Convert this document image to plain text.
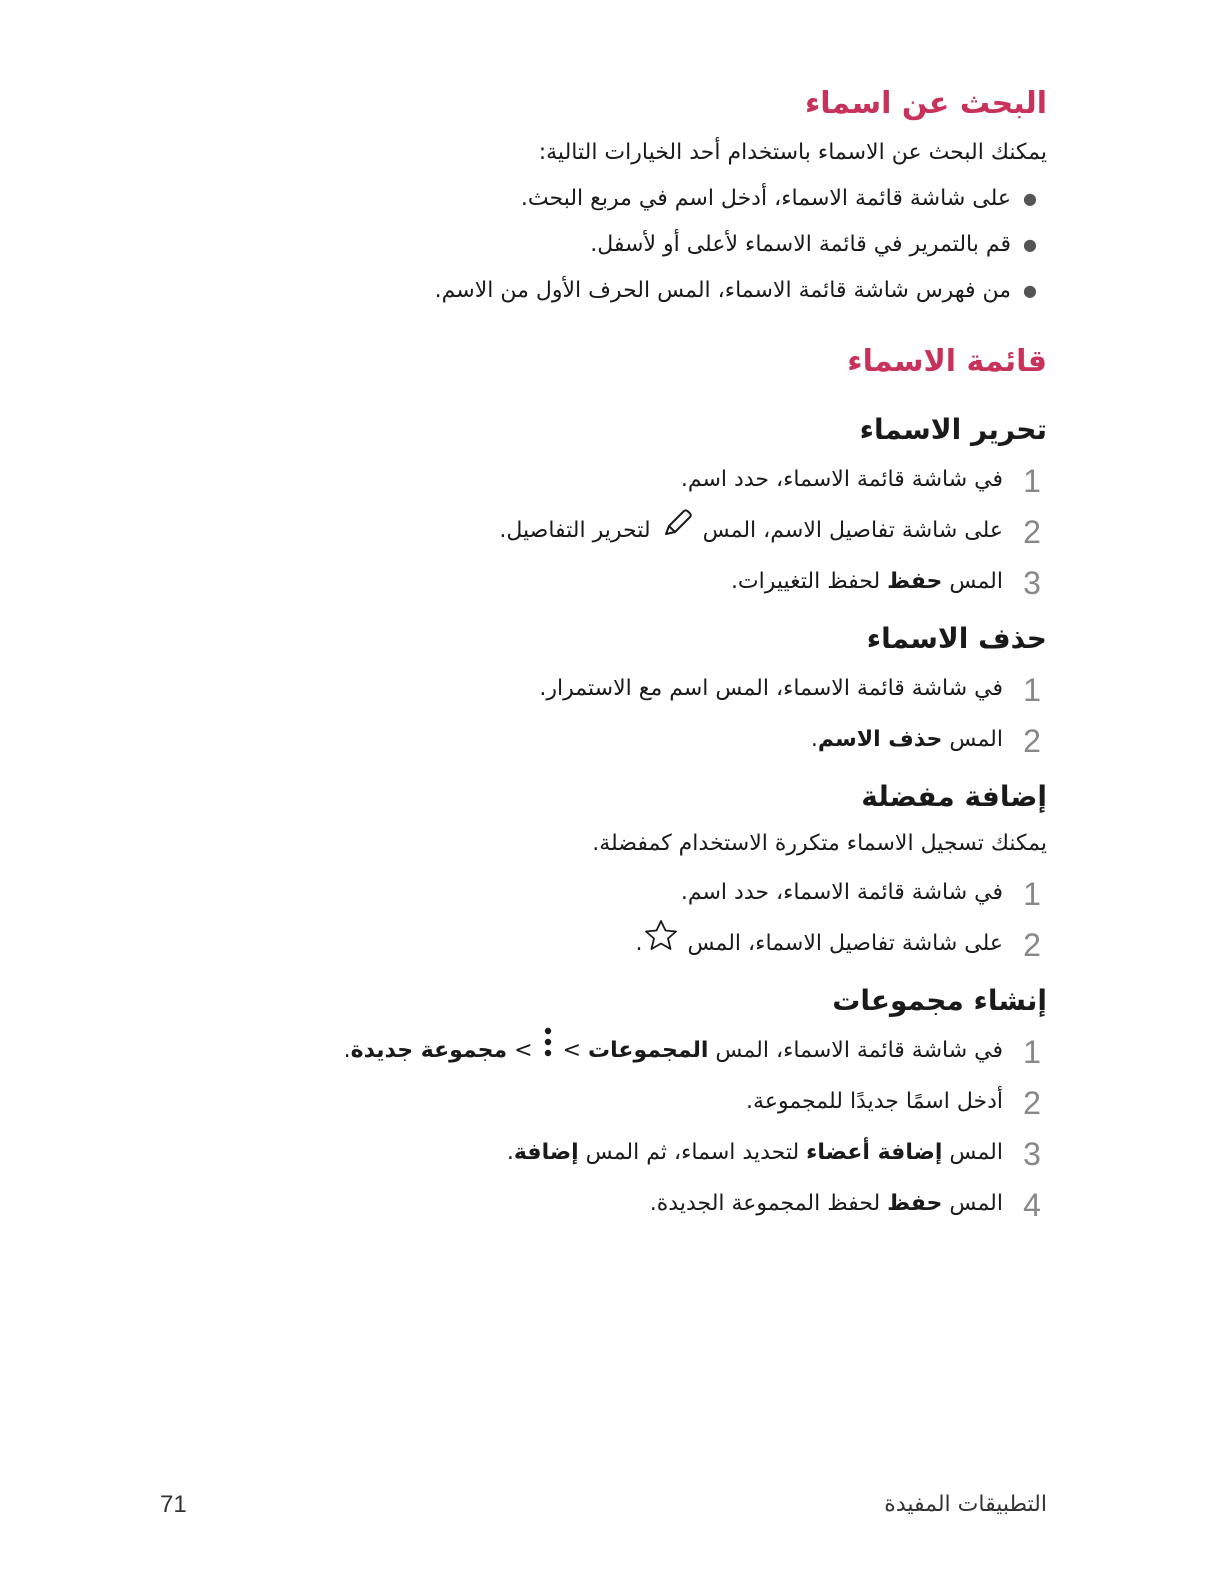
البحث عن اسماء

يمكنك البحث عن الاسماء باستخدام أحد الخيارات التالية:

●
على شاشة قائمة الاسماء، أدخل اسم في مربع البحث.
●
قم بالتمرير في قائمة الاسماء لأعلى أو لأسفل.
●
من فهرس شاشة قائمة الاسماء، المس الحرف الأول من الاسم.
قائمة الاسماء
تحرير الاسماء
1
في شاشة قائمة الاسماء، حدد اسم.
2
على شاشة تفاصيل الاسم، المس  لتحرير التفاصيل.
3
المس حفظ لحفظ التغييرات.
حذف الاسماء
1
في شاشة قائمة الاسماء، المس اسم مع الاستمرار.
2
المس حذف الاسم.
إضافة مفضلة

يمكنك تسجيل الاسماء متكررة الاستخدام كمفضلة.

1
في شاشة قائمة الاسماء، حدد اسم.
2
على شاشة تفاصيل الاسماء، المس .
إنشاء مجموعات
1
في شاشة قائمة الاسماء، المس المجموعات >  > مجموعة جديدة.
2
أدخل اسمًا جديدًا للمجموعة.
3
المس إضافة أعضاء لتحديد اسماء، ثم المس إضافة.
4
المس حفظ لحفظ المجموعة الجديدة.
التطبيقات المفيدة
71
